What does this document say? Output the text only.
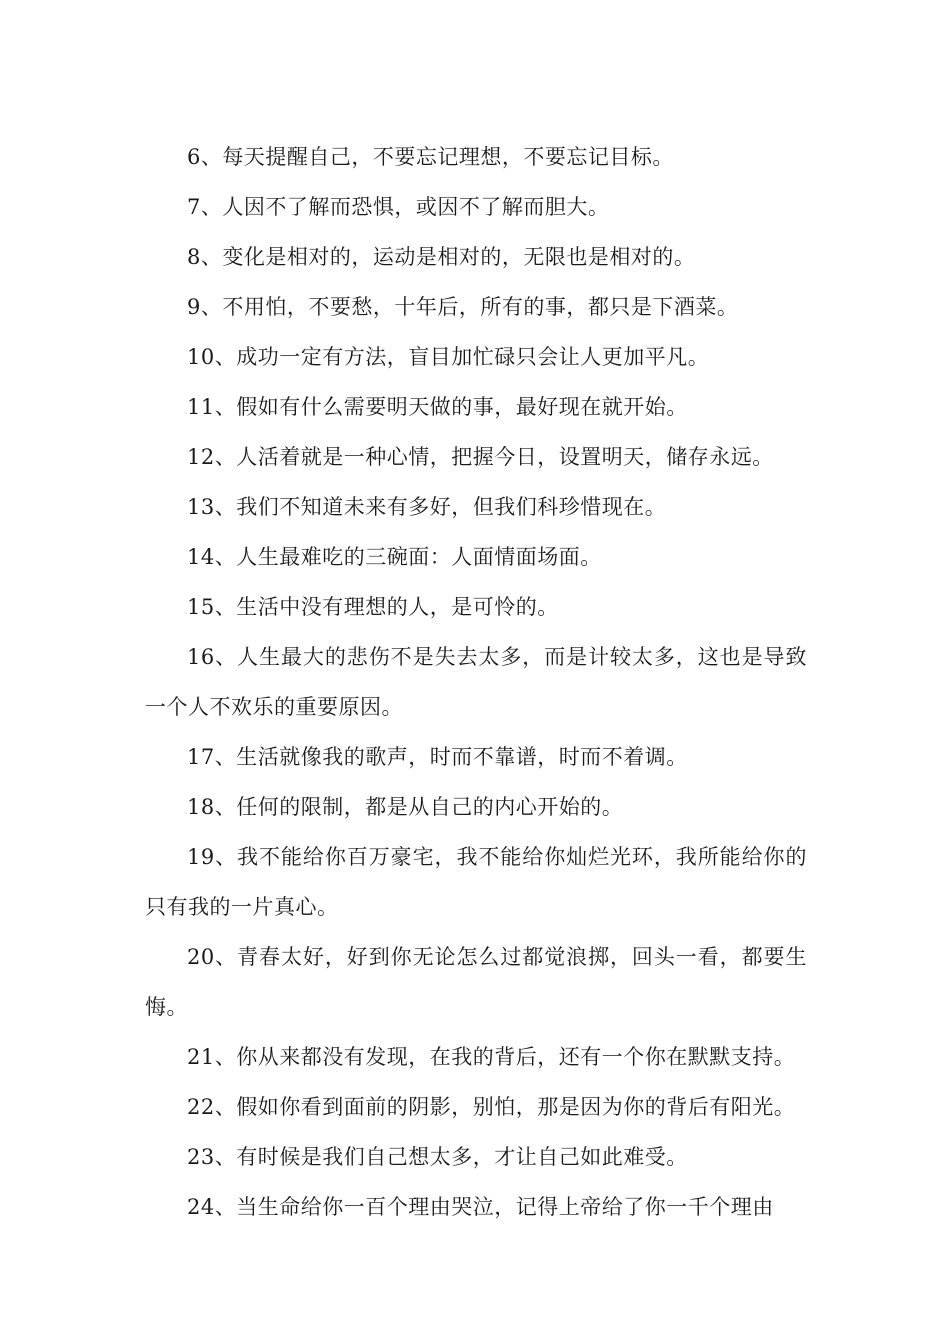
6、每天提醒自己，不要忘记理想，不要忘记目标。

7、人因不了解而恐惧，或因不了解而胆大。

8、变化是相对的，运动是相对的，无限也是相对的。

9、不用怕，不要愁，十年后，所有的事，都只是下酒菜。

10、成功一定有方法，盲目加忙碌只会让人更加平凡。

11、假如有什么需要明天做的事，最好现在就开始。

12、人活着就是一种心情，把握今日，设置明天，储存永远。

13、我们不知道未来有多好，但我们科珍惜现在。

14、人生最难吃的三碗面：人面情面场面。

15、生活中没有理想的人，是可怜的。

16、人生最大的悲伤不是失去太多，而是计较太多，这也是导致一个人不欢乐的重要原因。

17、生活就像我的歌声，时而不靠谱，时而不着调。

18、任何的限制，都是从自己的内心开始的。

19、我不能给你百万豪宅，我不能给你灿烂光环，我所能给你的只有我的一片真心。

20、青春太好，好到你无论怎么过都觉浪掷，回头一看，都要生悔。

21、你从来都没有发现，在我的背后，还有一个你在默默支持。

22、假如你看到面前的阴影，别怕，那是因为你的背后有阳光。

23、有时候是我们自己想太多，才让自己如此难受。

24、当生命给你一百个理由哭泣，记得上帝给了你一千个理由
